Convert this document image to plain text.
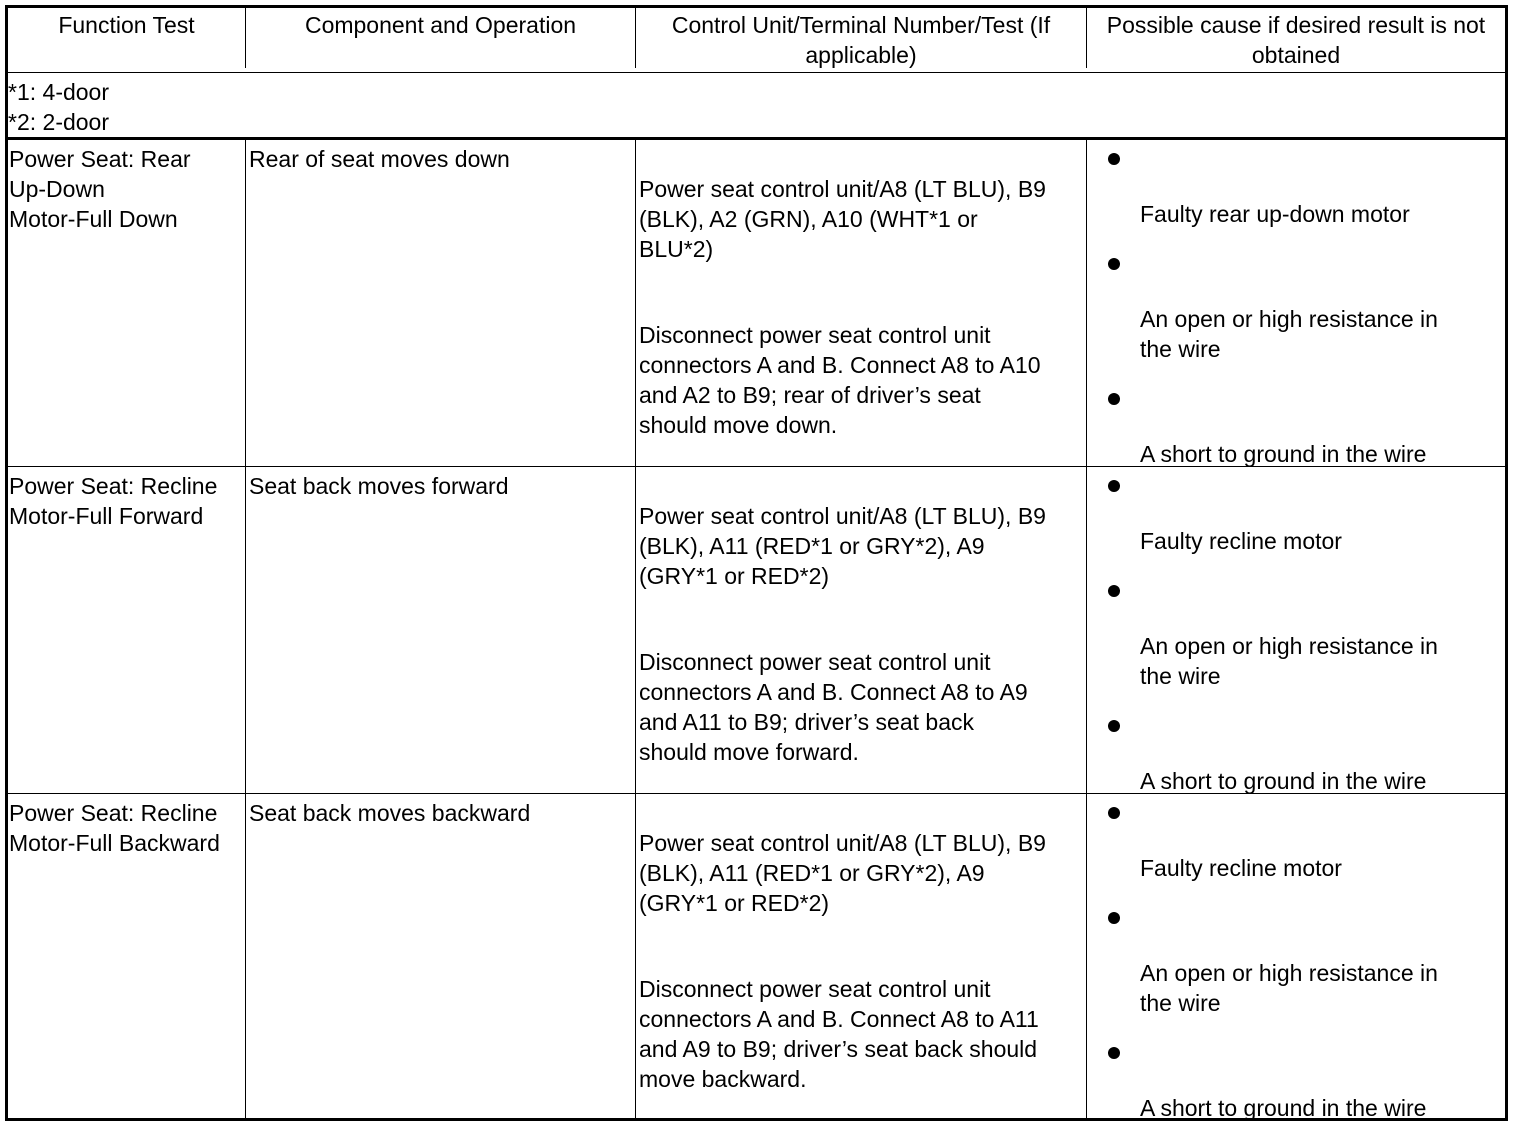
Function Test	Component and Operation	Control Unit/Terminal Number/Test (If
applicable)
Possible cause if desired result is not
obtained
*1: 4-door
*2: 2-door
Power Seat: Rear
Up-Down
Motor-Full Down
Rear of seat moves down

Power seat control unit/A8 (LT BLU), B9
(BLK), A2 (GRN), A10 (WHT*1 or
BLU*2)

Disconnect power seat control unit
connectors A and B. Connect A8 to A10
and A2 to B9; rear of driver’s seat
should move down.

Faulty rear up-down motor
An open or high resistance in
the wire
A short to ground in the wire
Power Seat: Recline
Motor-Full Forward
Seat back moves forward

Power seat control unit/A8 (LT BLU), B9
(BLK), A11 (RED*1 or GRY*2), A9
(GRY*1 or RED*2)

Disconnect power seat control unit
connectors A and B. Connect A8 to A9
and A11 to B9; driver’s seat back
should move forward.

Faulty recline motor
An open or high resistance in
the wire
A short to ground in the wire
Power Seat: Recline
Motor-Full Backward
Seat back moves backward

Power seat control unit/A8 (LT BLU), B9
(BLK), A11 (RED*1 or GRY*2), A9
(GRY*1 or RED*2)

Disconnect power seat control unit
connectors A and B. Connect A8 to A11
and A9 to B9; driver’s seat back should
move backward.

Faulty recline motor
An open or high resistance in
the wire
A short to ground in the wire
